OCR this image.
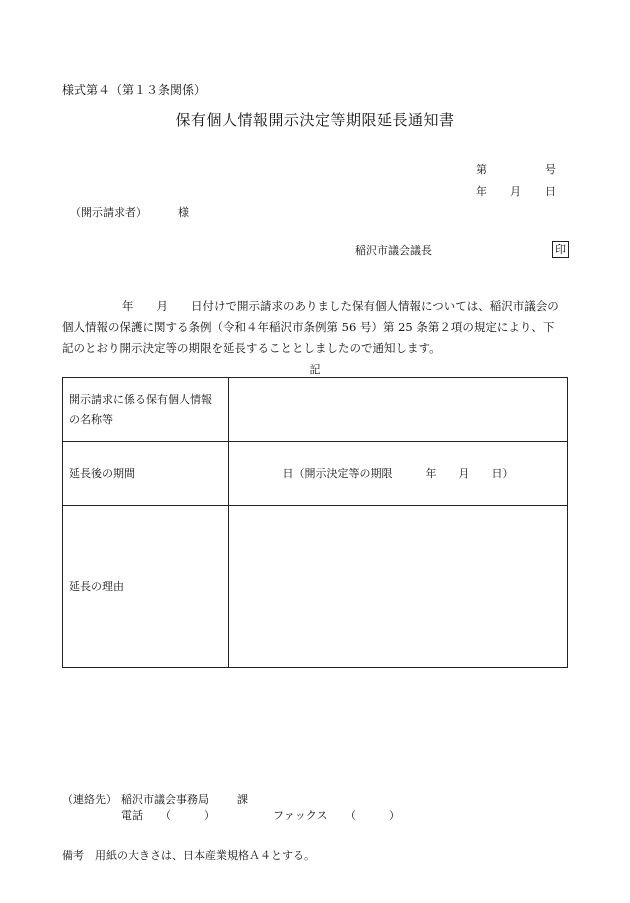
様式第４（第１３条関係）
保有個人情報開示決定等期限延長通知書
第	号
年 月 日
（開示請求者）	様
稲沢市議会議長	印

年　　月　　日付けで開示請求のありました保有個人情報については、稲沢市議会の

個人情報の保護に関する条例（令和４年稲沢市条例第 56 号）第 25 条第２項の規定により、下

記のとおり開示決定等の期限を延長することとしましたので通知します。

記
開示請求に係る保有個人情報
の名称等	

延長後の期間	日（開示決定等の期限　　　年　　月　　日）
延長の理由	
（連絡先） 稲沢市議会事務局	課
電話 （　　　）	ファックス （　　　）
備考　用紙の大きさは、日本産業規格Ａ４とする。
